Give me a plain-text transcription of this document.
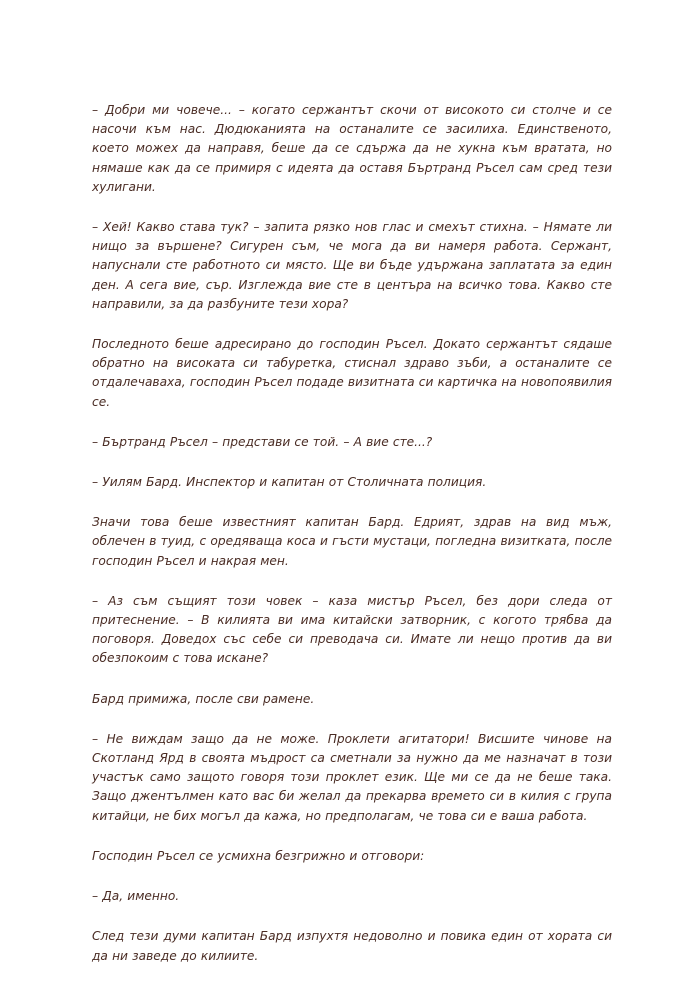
– Добри ми човече... – когато сержантът скочи от високото си столче и се насочи към нас. Дюдюканията на останалите се засилиха. Единственото, което можех да направя, беше да се сдържа да не хукна към вратата, но нямаше как да се примиря с идеята да оставя Бъртранд Ръсел сам сред тези хулигани.

– Хей! Какво става тук? – запита рязко нов глас и смехът стихна. – Нямате ли нищо за вършене? Сигурен съм, че мога да ви намеря работа. Сержант, напуснали сте работното си място. Ще ви бъде удържана заплатата за един ден. А сега вие, сър. Изглежда вие сте в центъра на всичко това. Какво сте направили, за да разбуните тези хора?

Последното беше адресирано до господин Ръсел. Докато сержантът сядаше обратно на високата си табуретка, стиснал здраво зъби, а останалите се отдалечаваха, господин Ръсел подаде визитната си картичка на новопоявилия се.

– Бъртранд Ръсел – представи се той. – А вие сте...?

– Уилям Бард. Инспектор и капитан от Столичната полиция.

Значи това беше известният капитан Бард. Едрият, здрав на вид мъж, облечен в туид, с оредяваща коса и гъсти мустаци, погледна визитката, после господин Ръсел и накрая мен.

– Аз съм същият този човек – каза мистър Ръсел, без дори следа от притеснение. – В килията ви има китайски затворник, с когото трябва да поговоря. Доведох със себе си преводача си. Имате ли нещо против да ви обезпокоим с това искане?

Бард примижа, после сви рамене.

– Не виждам защо да не може. Проклети агитатори! Висшите чинове на Скотланд Ярд в своята мъдрост са сметнали за нужно да ме назначат в този участък само защото говоря този проклет език. Ще ми се да не беше така. Защо джентълмен като вас би желал да прекарва времето си в килия с група китайци, не бих могъл да кажа, но предполагам, че това си е ваша работа.

Господин Ръсел се усмихна безгрижно и отговори:

– Да, именно.

След тези думи капитан Бард изпухтя недоволно и повика един от хората си да ни заведе до килиите.
